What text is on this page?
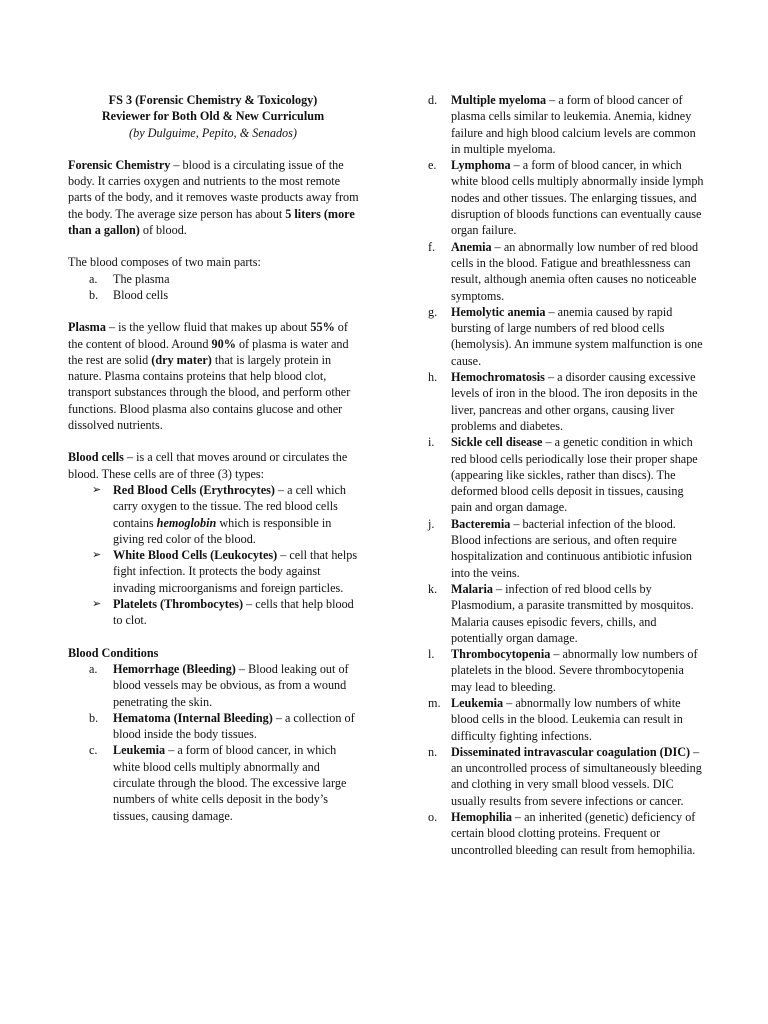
FS 3 (Forensic Chemistry & Toxicology)
Reviewer for Both Old & New Curriculum
(by Dulguime, Pepito, & Senados)

Forensic Chemistry – blood is a circulating issue of the body. It carries oxygen and nutrients to the most remote parts of the body, and it removes waste products away from the body. The average size person has about 5 liters (more than a gallon) of blood.

The blood composes of two main parts:

a. The plasma
b. Blood cells

Plasma – is the yellow fluid that makes up about 55% of the content of blood. Around 90% of plasma is water and the rest are solid (dry mater) that is largely protein in nature. Plasma contains proteins that help blood clot, transport substances through the blood, and perform other functions. Blood plasma also contains glucose and other dissolved nutrients.

Blood cells – is a cell that moves around or circulates the blood. These cells are of three (3) types:

➢ Red Blood Cells (Erythrocytes) – a cell which carry oxygen to the tissue. The red blood cells contains hemoglobin which is responsible in giving red color of the blood.
➢ White Blood Cells (Leukocytes) – cell that helps fight infection. It protects the body against invading microorganisms and foreign particles.
➢ Platelets (Thrombocytes) – cells that help blood to clot.

Blood Conditions

a. Hemorrhage (Bleeding) – Blood leaking out of blood vessels may be obvious, as from a wound penetrating the skin.
b. Hematoma (Internal Bleeding) – a collection of blood inside the body tissues.
c. Leukemia – a form of blood cancer, in which white blood cells multiply abnormally and circulate through the blood. The excessive large numbers of white cells deposit in the body’s tissues, causing damage.
d. Multiple myeloma – a form of blood cancer of plasma cells similar to leukemia. Anemia, kidney failure and high blood calcium levels are common in multiple myeloma.
e. Lymphoma – a form of blood cancer, in which white blood cells multiply abnormally inside lymph nodes and other tissues. The enlarging tissues, and disruption of bloods functions can eventually cause organ failure.
f. Anemia – an abnormally low number of red blood cells in the blood. Fatigue and breathlessness can result, although anemia often causes no noticeable symptoms.
g. Hemolytic anemia – anemia caused by rapid bursting of large numbers of red blood cells (hemolysis). An immune system malfunction is one cause.
h. Hemochromatosis – a disorder causing excessive levels of iron in the blood. The iron deposits in the liver, pancreas and other organs, causing liver problems and diabetes.
i. Sickle cell disease – a genetic condition in which red blood cells periodically lose their proper shape (appearing like sickles, rather than discs). The deformed blood cells deposit in tissues, causing pain and organ damage.
j. Bacteremia – bacterial infection of the blood. Blood infections are serious, and often require hospitalization and continuous antibiotic infusion into the veins.
k. Malaria – infection of red blood cells by Plasmodium, a parasite transmitted by mosquitos. Malaria causes episodic fevers, chills, and potentially organ damage.
l. Thrombocytopenia – abnormally low numbers of platelets in the blood. Severe thrombocytopenia may lead to bleeding.
m. Leukemia – abnormally low numbers of white blood cells in the blood. Leukemia can result in difficulty fighting infections.
n. Disseminated intravascular coagulation (DIC) – an uncontrolled process of simultaneously bleeding and clothing in very small blood vessels. DIC usually results from severe infections or cancer.
o. Hemophilia – an inherited (genetic) deficiency of certain blood clotting proteins. Frequent or uncontrolled bleeding can result from hemophilia.
